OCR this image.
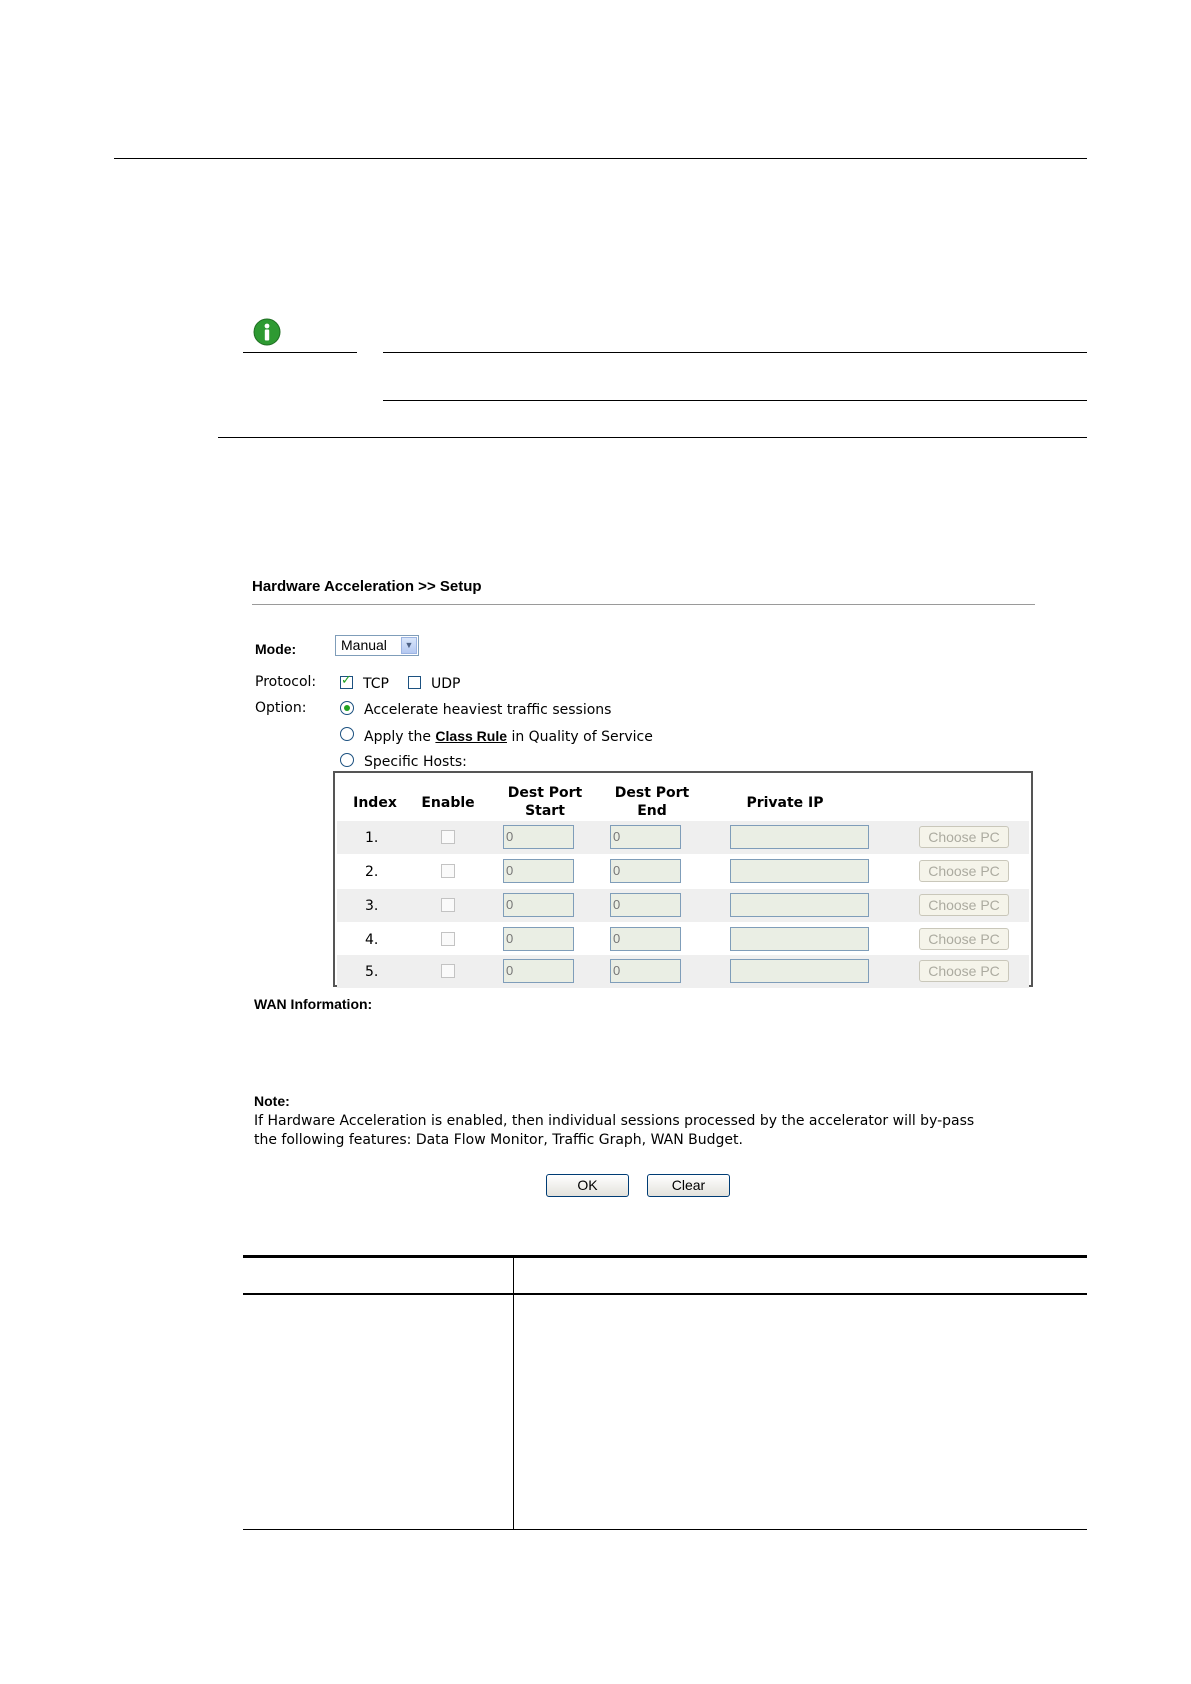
Hardware Acceleration >> Setup
Mode:	Manual	▼
Protocol:
✓	TCP	UDP
Option:	Accelerate heaviest traffic sessions
Apply the Class Rule in Quality of Service
Specific Hosts:
Index	Enable
Dest Port
Start
Dest Port
End	Private IP
1.	0	0	Choose PC
2.	0	0	Choose PC
3.	0	0	Choose PC
4.	0	0	Choose PC
5.	0	0	Choose PC
WAN Information:
Note:
If Hardware Acceleration is enabled, then individual sessions processed by the accelerator will by-pass
the following features: Data Flow Monitor, Traffic Graph, WAN Budget.
OK	Clear
